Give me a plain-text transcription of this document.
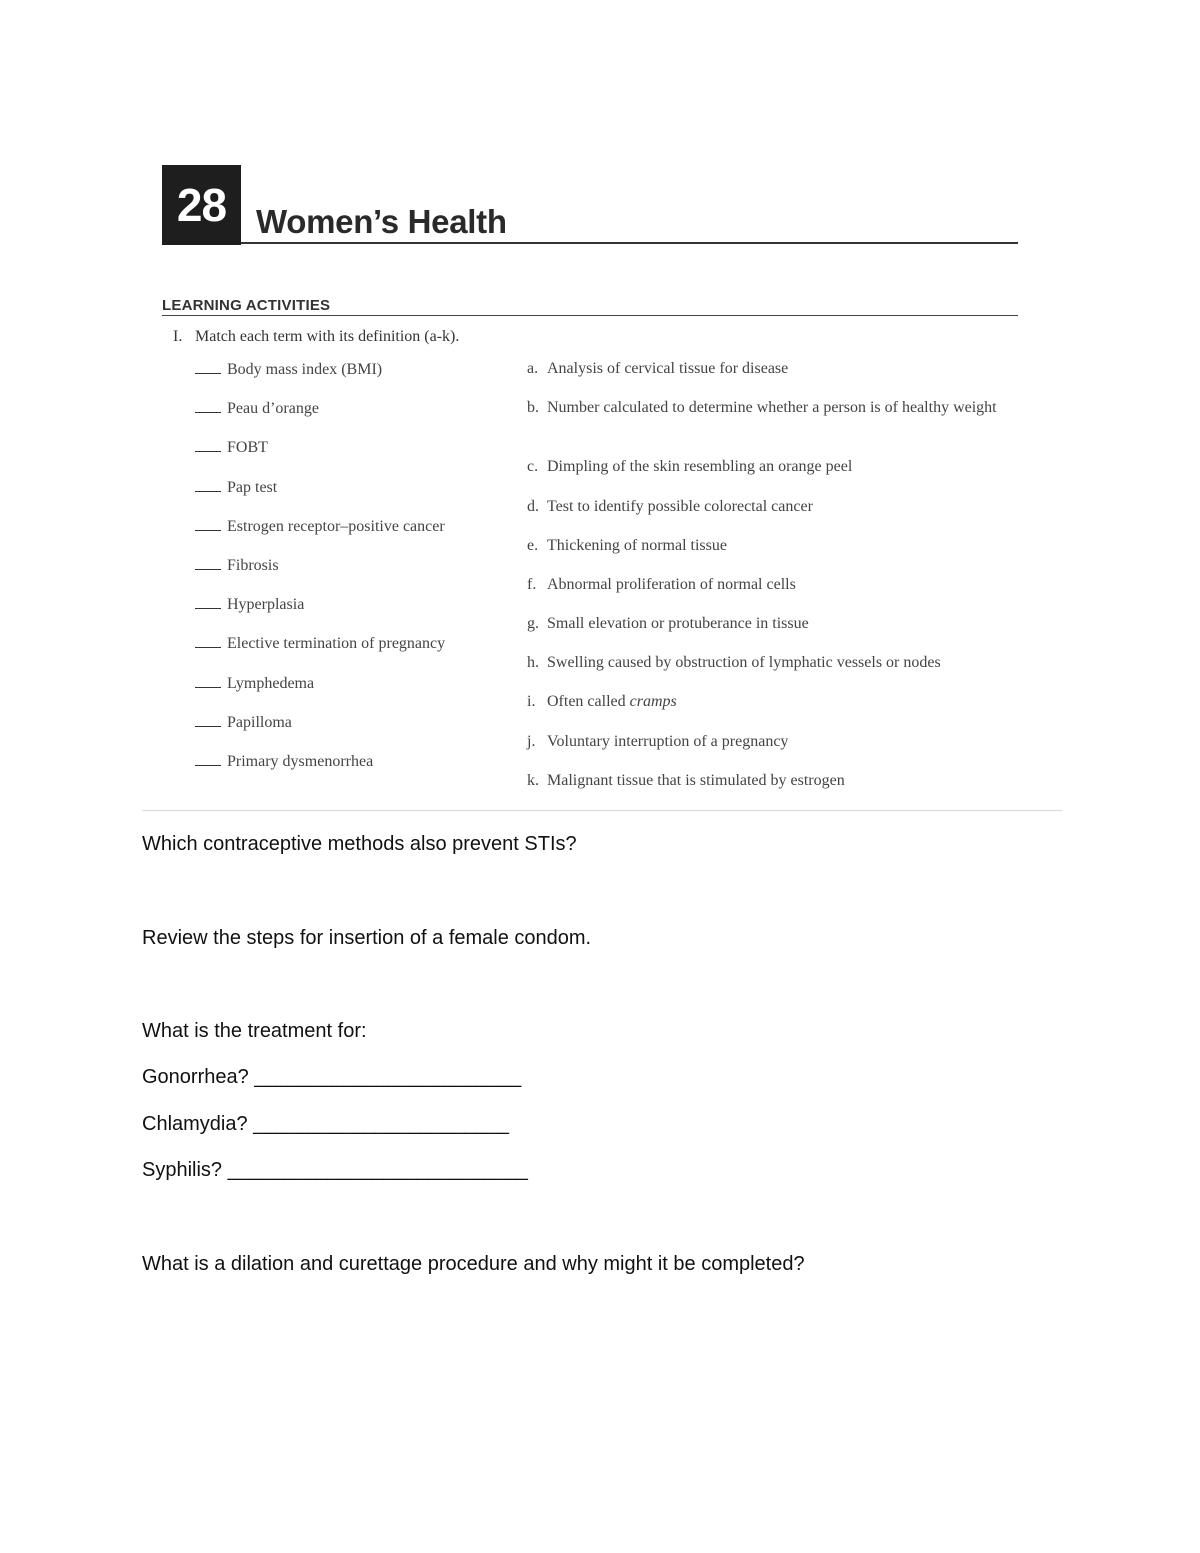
28 Women’s Health
LEARNING ACTIVITIES
I. Match each term with its definition (a-k).
Body mass index (BMI)
Peau d’orange
FOBT
Pap test
Estrogen receptor–positive cancer
Fibrosis
Hyperplasia
Elective termination of pregnancy
Lymphedema
Papilloma
Primary dysmenorrhea
a. Analysis of cervical tissue for disease
b. Number calculated to determine whether a person is of healthy weight
c. Dimpling of the skin resembling an orange peel
d. Test to identify possible colorectal cancer
e. Thickening of normal tissue
f. Abnormal proliferation of normal cells
g. Small elevation or protuberance in tissue
h. Swelling caused by obstruction of lymphatic vessels or nodes
i. Often called cramps
j. Voluntary interruption of a pregnancy
k. Malignant tissue that is stimulated by estrogen
Which contraceptive methods also prevent STIs?
Review the steps for insertion of a female condom.
What is the treatment for:
Gonorrhea? ________________________
Chlamydia? _______________________
Syphilis? ___________________________
What is a dilation and curettage procedure and why might it be completed?
